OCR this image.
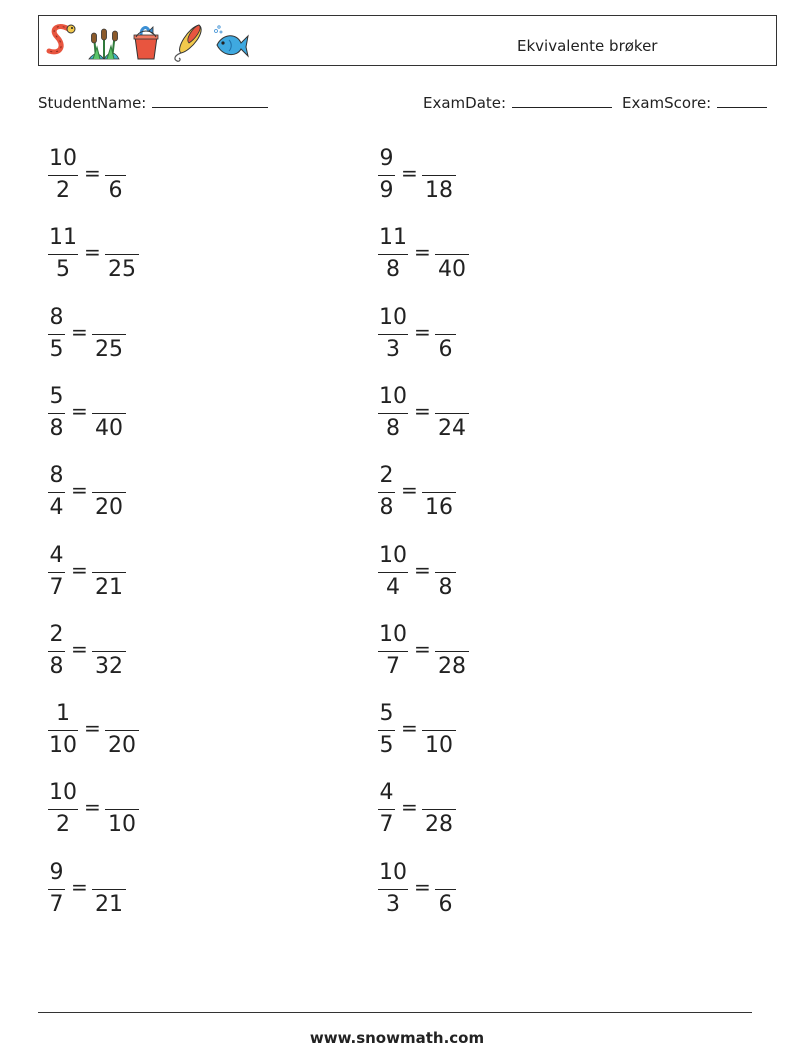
Ekvivalente brøker
StudentName:	ExamDate:	ExamScore:
10
2
=
6
11
5
=
25
8
5
=
25
5
8
=
40
8
4
=
20
4
7
=
21
2
8
=
32
1
10
=
20
10
2
=
10
9
7
=
21
9
9
=
18
11
8
=
40
10
3
=
6
10
8
=
24
2
8
=
16
10
4
=
8
10
7
=
28
5
5
=
10
4
7
=
28
10
3
=
6
www.snowmath.com
